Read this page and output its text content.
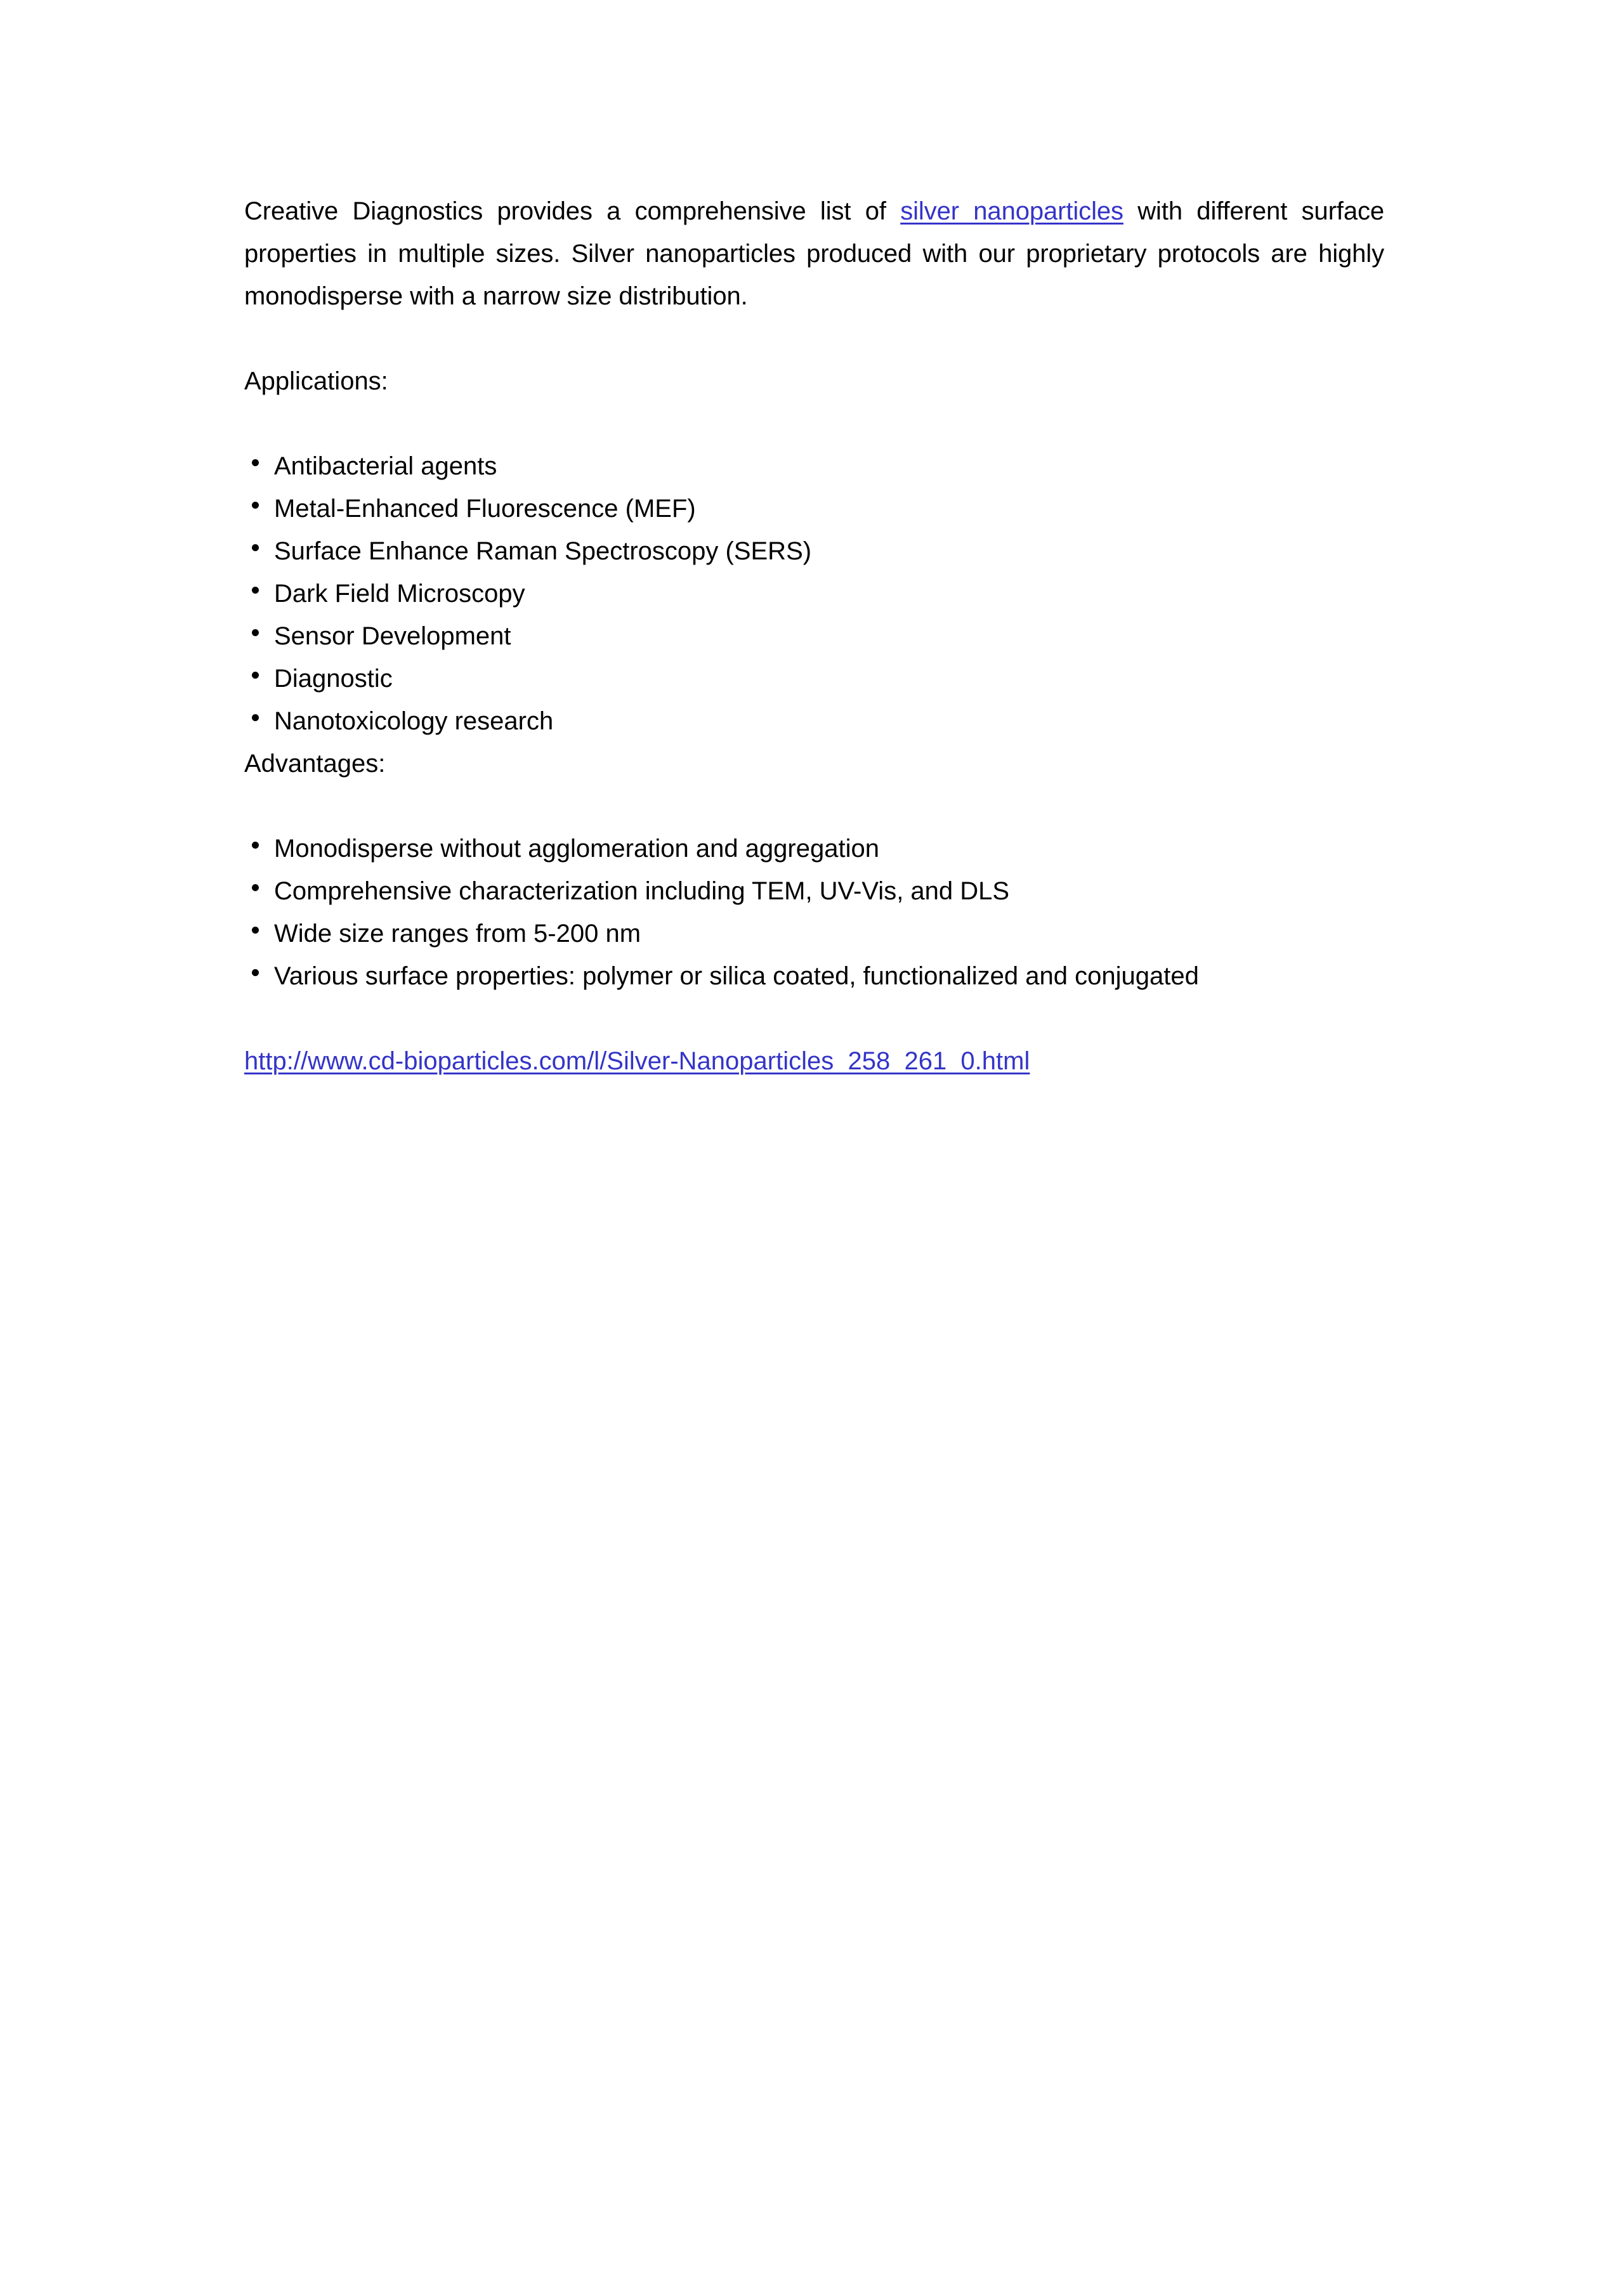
Creative Diagnostics provides a comprehensive list of silver nanoparticles with different surface properties in multiple sizes. Silver nanoparticles produced with our proprietary protocols are highly monodisperse with a narrow size distribution.

Applications:

Antibacterial agents
Metal-Enhanced Fluorescence (MEF)
Surface Enhance Raman Spectroscopy (SERS)
Dark Field Microscopy
Sensor Development
Diagnostic
Nanotoxicology research

Advantages:

Monodisperse without agglomeration and aggregation
Comprehensive characterization including TEM, UV-Vis, and DLS
Wide size ranges from 5-200 nm
Various surface properties: polymer or silica coated, functionalized and conjugated

http://www.cd-bioparticles.com/l/Silver-Nanoparticles_258_261_0.html
